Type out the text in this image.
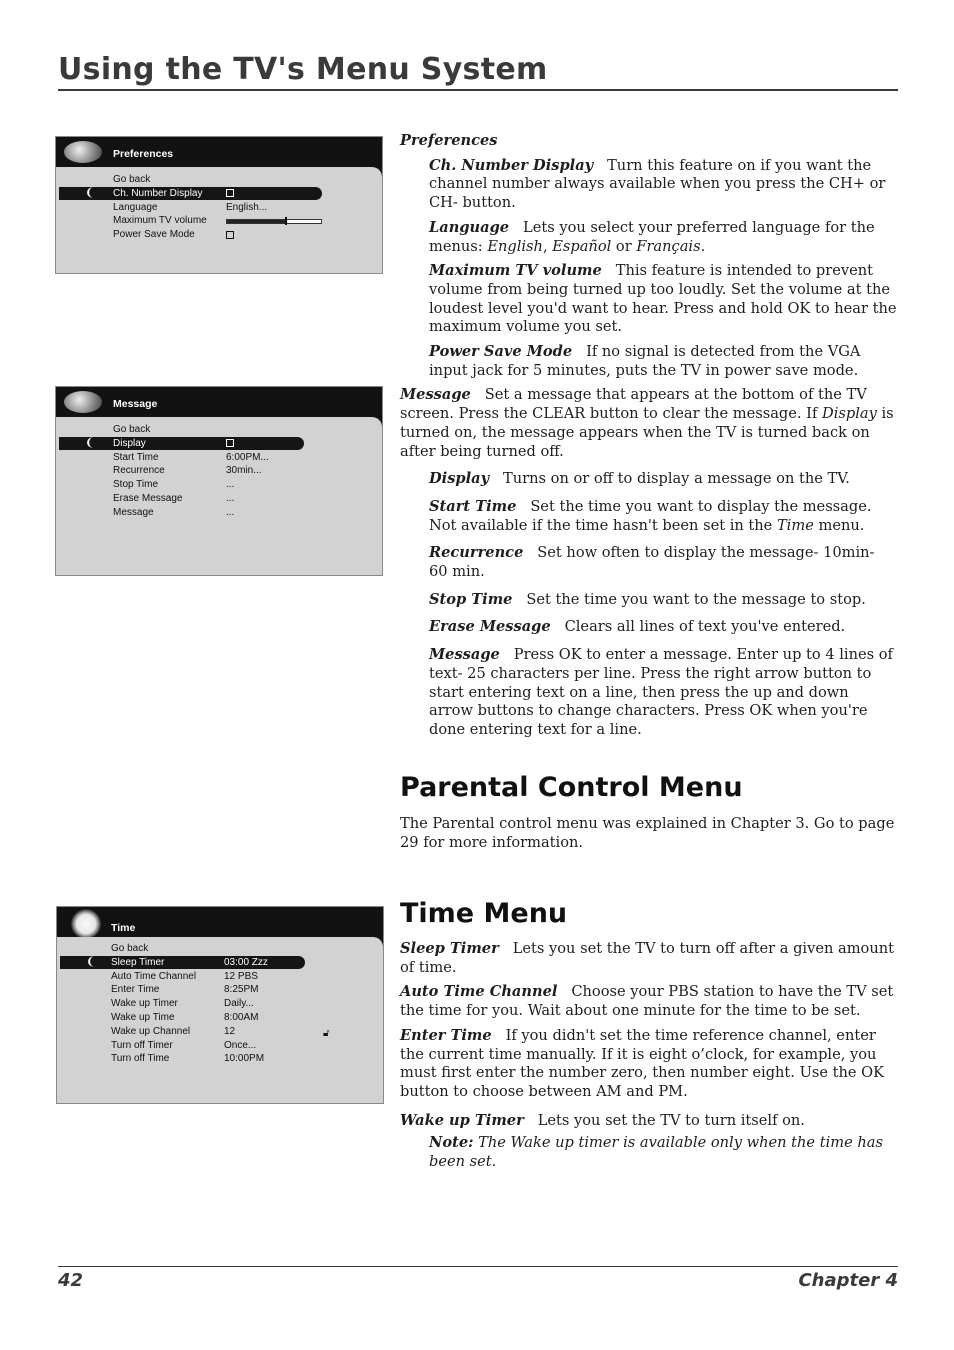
Using the TV's Menu System
Preferences
Go back
❨ Ch. Number Display
Language	English...
Maximum TV volume
Power Save Mode
Message
Go back
❨ Display
Start Time	6:00PM...
Recurrence	30min...
Stop Time	...
Erase Message	...
Message	...
Time
Go back
❨ Sleep Timer	03:00 Zzz
Auto Time Channel	12 PBS
Enter Time	8:25PM
Wake up Timer	Daily...
Wake up Time	8:00AM
Wake up Channel	12	🔓︎
Turn off Timer	Once...
Turn off Time	10:00PM

Preferences

Ch. Number Display Turn this feature on if you want the channel number always available when you press the CH+ or CH- button.

Language Lets you select your preferred language for the menus: English, Español or Français.

Maximum TV volume This feature is intended to prevent volume from being turned up too loudly. Set the volume at the loudest level you'd want to hear. Press and hold OK to hear the maximum volume you set.

Power Save Mode If no signal is detected from the VGA input jack for 5 minutes, puts the TV in power save mode.

Message Set a message that appears at the bottom of the TV screen. Press the CLEAR button to clear the message. If Display is turned on, the message appears when the TV is turned back on after being turned off.

Display Turns on or off to display a message on the TV.

Start Time Set the time you want to display the message. Not available if the time hasn't been set in the Time menu.

Recurrence Set how often to display the message- 10min- 60 min.

Stop Time Set the time you want to the message to stop.

Erase Message Clears all lines of text you've entered.

Message Press OK to enter a message. Enter up to 4 lines of text- 25 characters per line. Press the right arrow button to start entering text on a line, then press the up and down arrow buttons to change characters. Press OK when you're done entering text for a line.

Parental Control Menu

The Parental control menu was explained in Chapter 3. Go to page 29 for more information.

Time Menu

Sleep Timer Lets you set the TV to turn off after a given amount of time.

Auto Time Channel Choose your PBS station to have the TV set the time for you. Wait about one minute for the time to be set.

Enter Time If you didn't set the time reference channel, enter the current time manually. If it is eight o’clock, for example, you must first enter the number zero, then number eight. Use the OK button to choose between AM and PM.

Wake up Timer Lets you set the TV to turn itself on.

Note: The Wake up timer is available only when the time has been set.

42	Chapter 4
